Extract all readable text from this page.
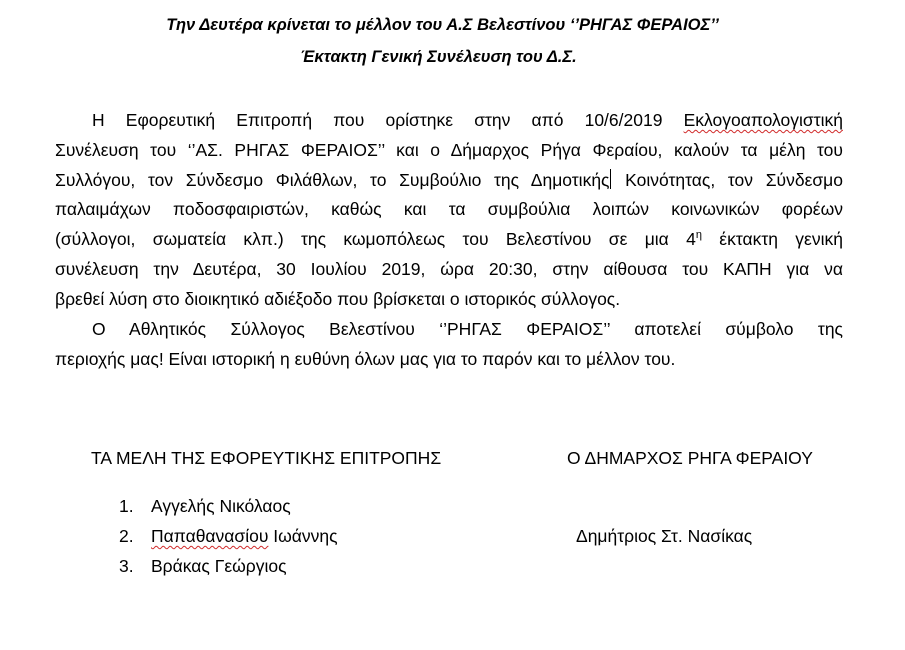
Την Δευτέρα κρίνεται το μέλλον του Α.Σ Βελεστίνου ‘’ΡΗΓΑΣ ΦΕΡΑΙΟΣ’’
Έκτακτη Γενική Συνέλευση του Δ.Σ.
Η Εφορευτική Επιτροπή που ορίστηκε στην από 10/6/2019 Εκλογοαπολογιστική
Συνέλευση του ‘’ΑΣ. ΡΗΓΑΣ ΦΕΡΑΙΟΣ’’ και ο Δήμαρχος Ρήγα Φεραίου, καλούν τα μέλη του
Συλλόγου, τον Σύνδεσμο Φιλάθλων, το Συμβούλιο της Δημοτικής Κοινότητας, τον Σύνδεσμο
παλαιμάχων ποδοσφαιριστών, καθώς και τα συμβούλια λοιπών κοινωνικών φορέων
(σύλλογοι, σωματεία κλπ.) της κωμοπόλεως του Βελεστίνου σε μια $4^\eta$ έκτακτη γενική
συνέλευση την Δευτέρα, 30 Ιουλίου 2019, ώρα 20:30, στην αίθουσα του ΚΑΠΗ για να
βρεθεί λύση στο διοικητικό αδιέξοδο που βρίσκεται ο ιστορικός σύλλογος.
Ο Αθλητικός Σύλλογος Βελεστίνου ‘’ΡΗΓΑΣ ΦΕΡΑΙΟΣ’’ αποτελεί σύμβολο της
περιοχής μας! Είναι ιστορική η ευθύνη όλων μας για το παρόν και το μέλλον του.
ΤΑ ΜΕΛΗ ΤΗΣ ΕΦΟΡΕΥΤΙΚΗΣ ΕΠΙΤΡΟΠΗΣ	Ο ΔΗΜΑΡΧΟΣ ΡΗΓΑ ΦΕΡΑΙΟΥ
1. Αγγελής Νικόλαος
2. Παπαθανασίου Ιωάννης
3. Βράκας Γεώργιος
Δημήτριος Στ. Νασίκας
